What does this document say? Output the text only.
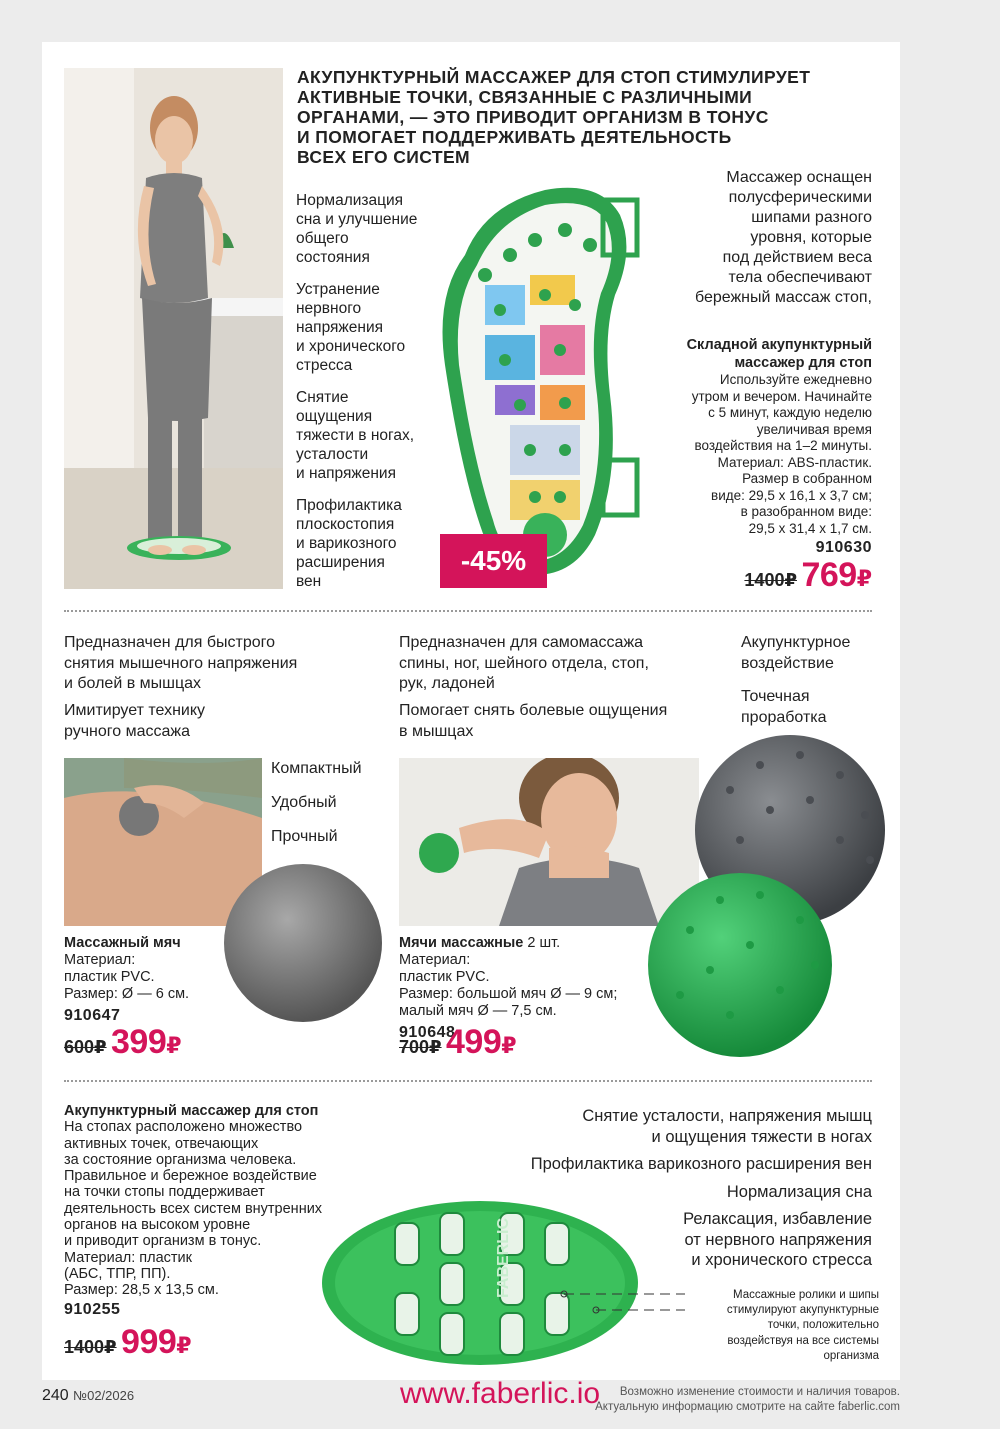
АКУПУНКТУРНЫЙ МАССАЖЕР ДЛЯ СТОП СТИМУЛИРУЕТ
АКТИВНЫЕ ТОЧКИ, СВЯЗАННЫЕ С РАЗЛИЧНЫМИ
ОРГАНАМИ, — ЭТО ПРИВОДИТ ОРГАНИЗМ В ТОНУС
И ПОМОГАЕТ ПОДДЕРЖИВАТЬ ДЕЯТЕЛЬНОСТЬ
ВСЕХ ЕГО СИСТЕМ
Нормализация
сна и улучшение
общего
состояния
Устранение
нервного
напряжения
и хронического
стресса
Снятие
ощущения
тяжести в ногах,
усталости
и напряжения
Профилактика
плоскостопия
и варикозного
расширения
вен
-45%
Массажер оснащен
полусферическими
шипами разного
уровня, которые
под действием веса
тела обеспечивают
бережный массаж стоп,
Складной акупунктурный
массажер для стоп
Используйте ежедневно
утром и вечером. Начинайте
с 5 минут, каждую неделю
увеличивая время
воздействия на 1–2 минуты.
Материал: ABS-пластик.
Размер в собранном
виде: 29,5 x 16,1 x 3,7 см;
в разобранном виде:
29,5 x 31,4 x 1,7 см.
910630
1400₽ 769₽
Предназначен для быстрого
снятия мышечного напряжения
и болей в мышцах
Имитирует технику
ручного массажа
Предназначен для самомассажа
спины, ног, шейного отдела, стоп,
рук, ладоней
Помогает снять болевые ощущения
в мышцах
Акупунктурное
воздействие
Точечная
проработка
Компактный
Удобный
Прочный
Массажный мяч
Материал:
пластик PVC.
Размер: Ø — 6 см.
910647
600₽ 399₽
Мячи массажные 2 шт.
Материал:
пластик PVC.
Размер: большой мяч Ø — 9 см;
малый мяч Ø — 7,5 см.
910648
700₽ 499₽
Акупунктурный массажер для стоп
На стопах расположено множество
активных точек, отвечающих
за состояние организма человека.
Правильное и бережное воздействие
на точки стопы поддерживает
деятельность всех систем внутренних
органов на высоком уровне
и приводит организм в тонус.
Материал: пластик
(АБС, ТПР, ПП).
Размер: 28,5 x 13,5 см.
910255
1400₽ 999₽
FABERLIC
Снятие усталости, напряжения мышц
и ощущения тяжести в ногах
Профилактика варикозного расширения вен
Нормализация сна
Релаксация, избавление
от нервного напряжения
и хронического стресса
Массажные ролики и шипы
стимулируют акупунктурные
точки, положительно
воздействуя на все системы
организма
240 №02/2026	www.faberlic.io	Возможно изменение стоимости и наличия товаров.
Актуальную информацию смотрите на сайте faberlic.com
